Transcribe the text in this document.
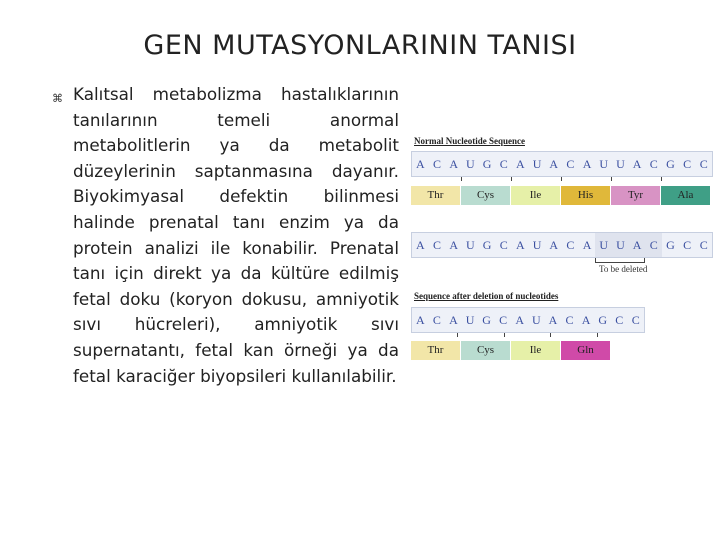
GEN MUTASYONLARININ TANISI
⌘ Kalıtsal metabolizma hastalıklarının tanılarının temeli anormal metabolitlerin ya da metabolit düzeylerinin saptanmasına dayanır. Biyokimyasal defektin bilinmesi halinde prenatal tanı enzim ya da protein analizi ile konabilir. Prenatal tanı için direkt ya da kültüre edilmiş fetal doku (koryon dokusu, amniyotik sıvı hücreleri), amniyotik sıvı supernatantı, fetal kan örneği ya da fetal karaciğer biyopsileri kullanılabilir.
Normal Nucleotide Sequence
A C A U G C A U A C A U U A C G C C
Thr	Cys	Ile	His	Tyr	Ala
A C A U G C A U A C A U U A C G C C
To be deleted
Sequence after deletion of nucleotides
A C A U G C A U A C A G C C
Thr	Cys	Ile	Gln
